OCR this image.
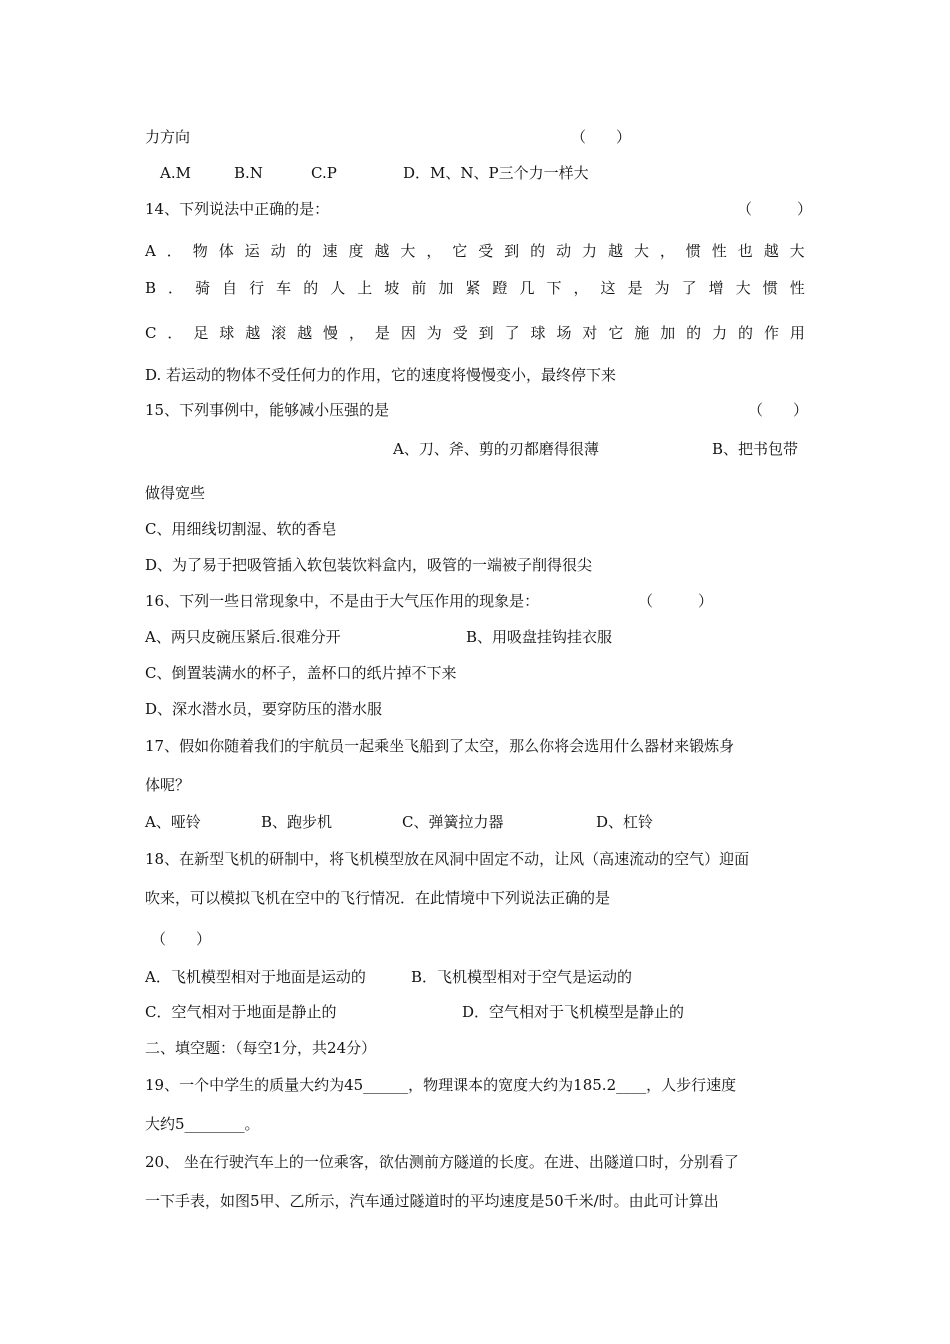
力方向	（　　）
A.M	B.N	C.P	D．M、N、P三个力一样大
14、下列说法中正确的是：	（　　　）
A ． 物 体 运 动 的 速 度 越 大 ， 它 受 到 的 动 力 越 大 ， 惯 性 也 越 大
B ． 骑 自 行 车 的 人 上 坡 前 加 紧 蹬 几 下 ， 这 是 为 了 增 大 惯 性
C ． 足 球 越 滚 越 慢 ， 是 因 为 受 到 了 球 场 对 它 施 加 的 力 的 作 用
D. 若运动的物体不受任何力的作用，它的速度将慢慢变小，最终停下来
15、下列事例中，能够减小压强的是	（　　）
A、刀、斧、剪的刃都磨得很薄	B、把书包带
做得宽些
C、用细线切割湿、软的香皂
D、为了易于把吸管插入软包装饮料盒内，吸管的一端被子削得很尖
16、下列一些日常现象中，不是由于大气压作用的现象是：	（　　　）
A、两只皮碗压紧后.很难分开	B、用吸盘挂钩挂衣服
C、倒置装满水的杯子，盖杯口的纸片掉不下来
D、深水潜水员，要穿防压的潜水服
17、假如你随着我们的宇航员一起乘坐飞船到了太空，那么你将会选用什么器材来锻炼身
体呢？
A、哑铃	B、跑步机	C、弹簧拉力器	D、杠铃
18、在新型飞机的研制中，将飞机模型放在风洞中固定不动，让风（高速流动的空气）迎面
吹来，可以模拟飞机在空中的飞行情况．在此情境中下列说法正确的是
（　　）
A．飞机模型相对于地面是运动的	B．飞机模型相对于空气是运动的
C．空气相对于地面是静止的	D．空气相对于飞机模型是静止的
二、填空题：（每空1分，共24分）
19、一个中学生的质量大约为45______，物理课本的宽度大约为185.2____，人步行速度
大约5________。
20、 坐在行驶汽车上的一位乘客，欲估测前方隧道的长度。在进、出隧道口时，分别看了
一下手表，如图5甲、乙所示，汽车通过隧道时的平均速度是50千米/时。由此可计算出
